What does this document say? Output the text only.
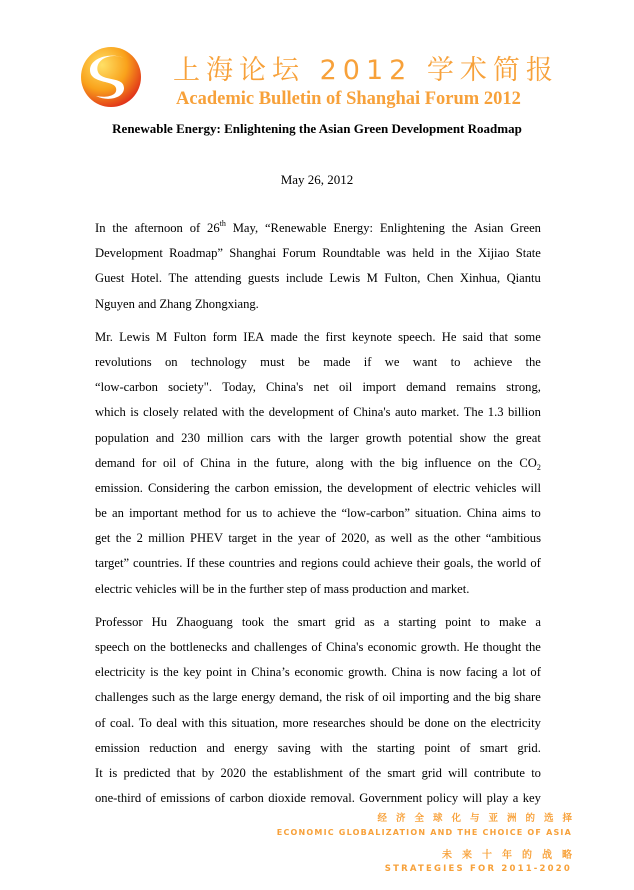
上海论坛 2012 学术简报
Academic Bulletin of Shanghai Forum 2012
Renewable Energy: Enlightening the Asian Green Development Roadmap
May 26, 2012
In the afternoon of 26th May, “Renewable Energy: Enlightening the Asian Green
Development Roadmap” Shanghai Forum Roundtable was held in the Xijiao State
Guest Hotel. The attending guests include Lewis M Fulton, Chen Xinhua, Qiantu
Nguyen and Zhang Zhongxiang.
Mr. Lewis M Fulton form IEA made the first keynote speech. He said that some
revolutions on technology must be made if we want to achieve the
“low-carbon society". Today, China's net oil import demand remains strong,
which is closely related with the development of China's auto market. The 1.3 billion
population and 230 million cars with the larger growth potential show the great
demand for oil of China in the future, along with the big influence on the $CO_2$
emission. Considering the carbon emission, the development of electric vehicles will
be an important method for us to achieve the “low-carbon” situation. China aims to
get the 2 million PHEV target in the year of 2020, as well as the other “ambitious
target” countries. If these countries and regions could achieve their goals, the world of
electric vehicles will be in the further step of mass production and market.
Professor Hu Zhaoguang took the smart grid as a starting point to make a
speech on the bottlenecks and challenges of China's economic growth. He thought the
electricity is the key point in China’s economic growth. China is now facing a lot of
challenges such as the large energy demand, the risk of oil importing and the big share
of coal. To deal with this situation, more researches should be done on the electricity
emission reduction and energy saving with the starting point of smart grid.
It is predicted that by 2020 the establishment of the smart grid will contribute to
one-third of emissions of carbon dioxide removal. Government policy will play a key
经济全球化与亚洲的选择
ECONOMIC GLOBALIZATION AND THE CHOICE OF ASIA
未来十年的战略
STRATEGIES FOR 2011-2020
